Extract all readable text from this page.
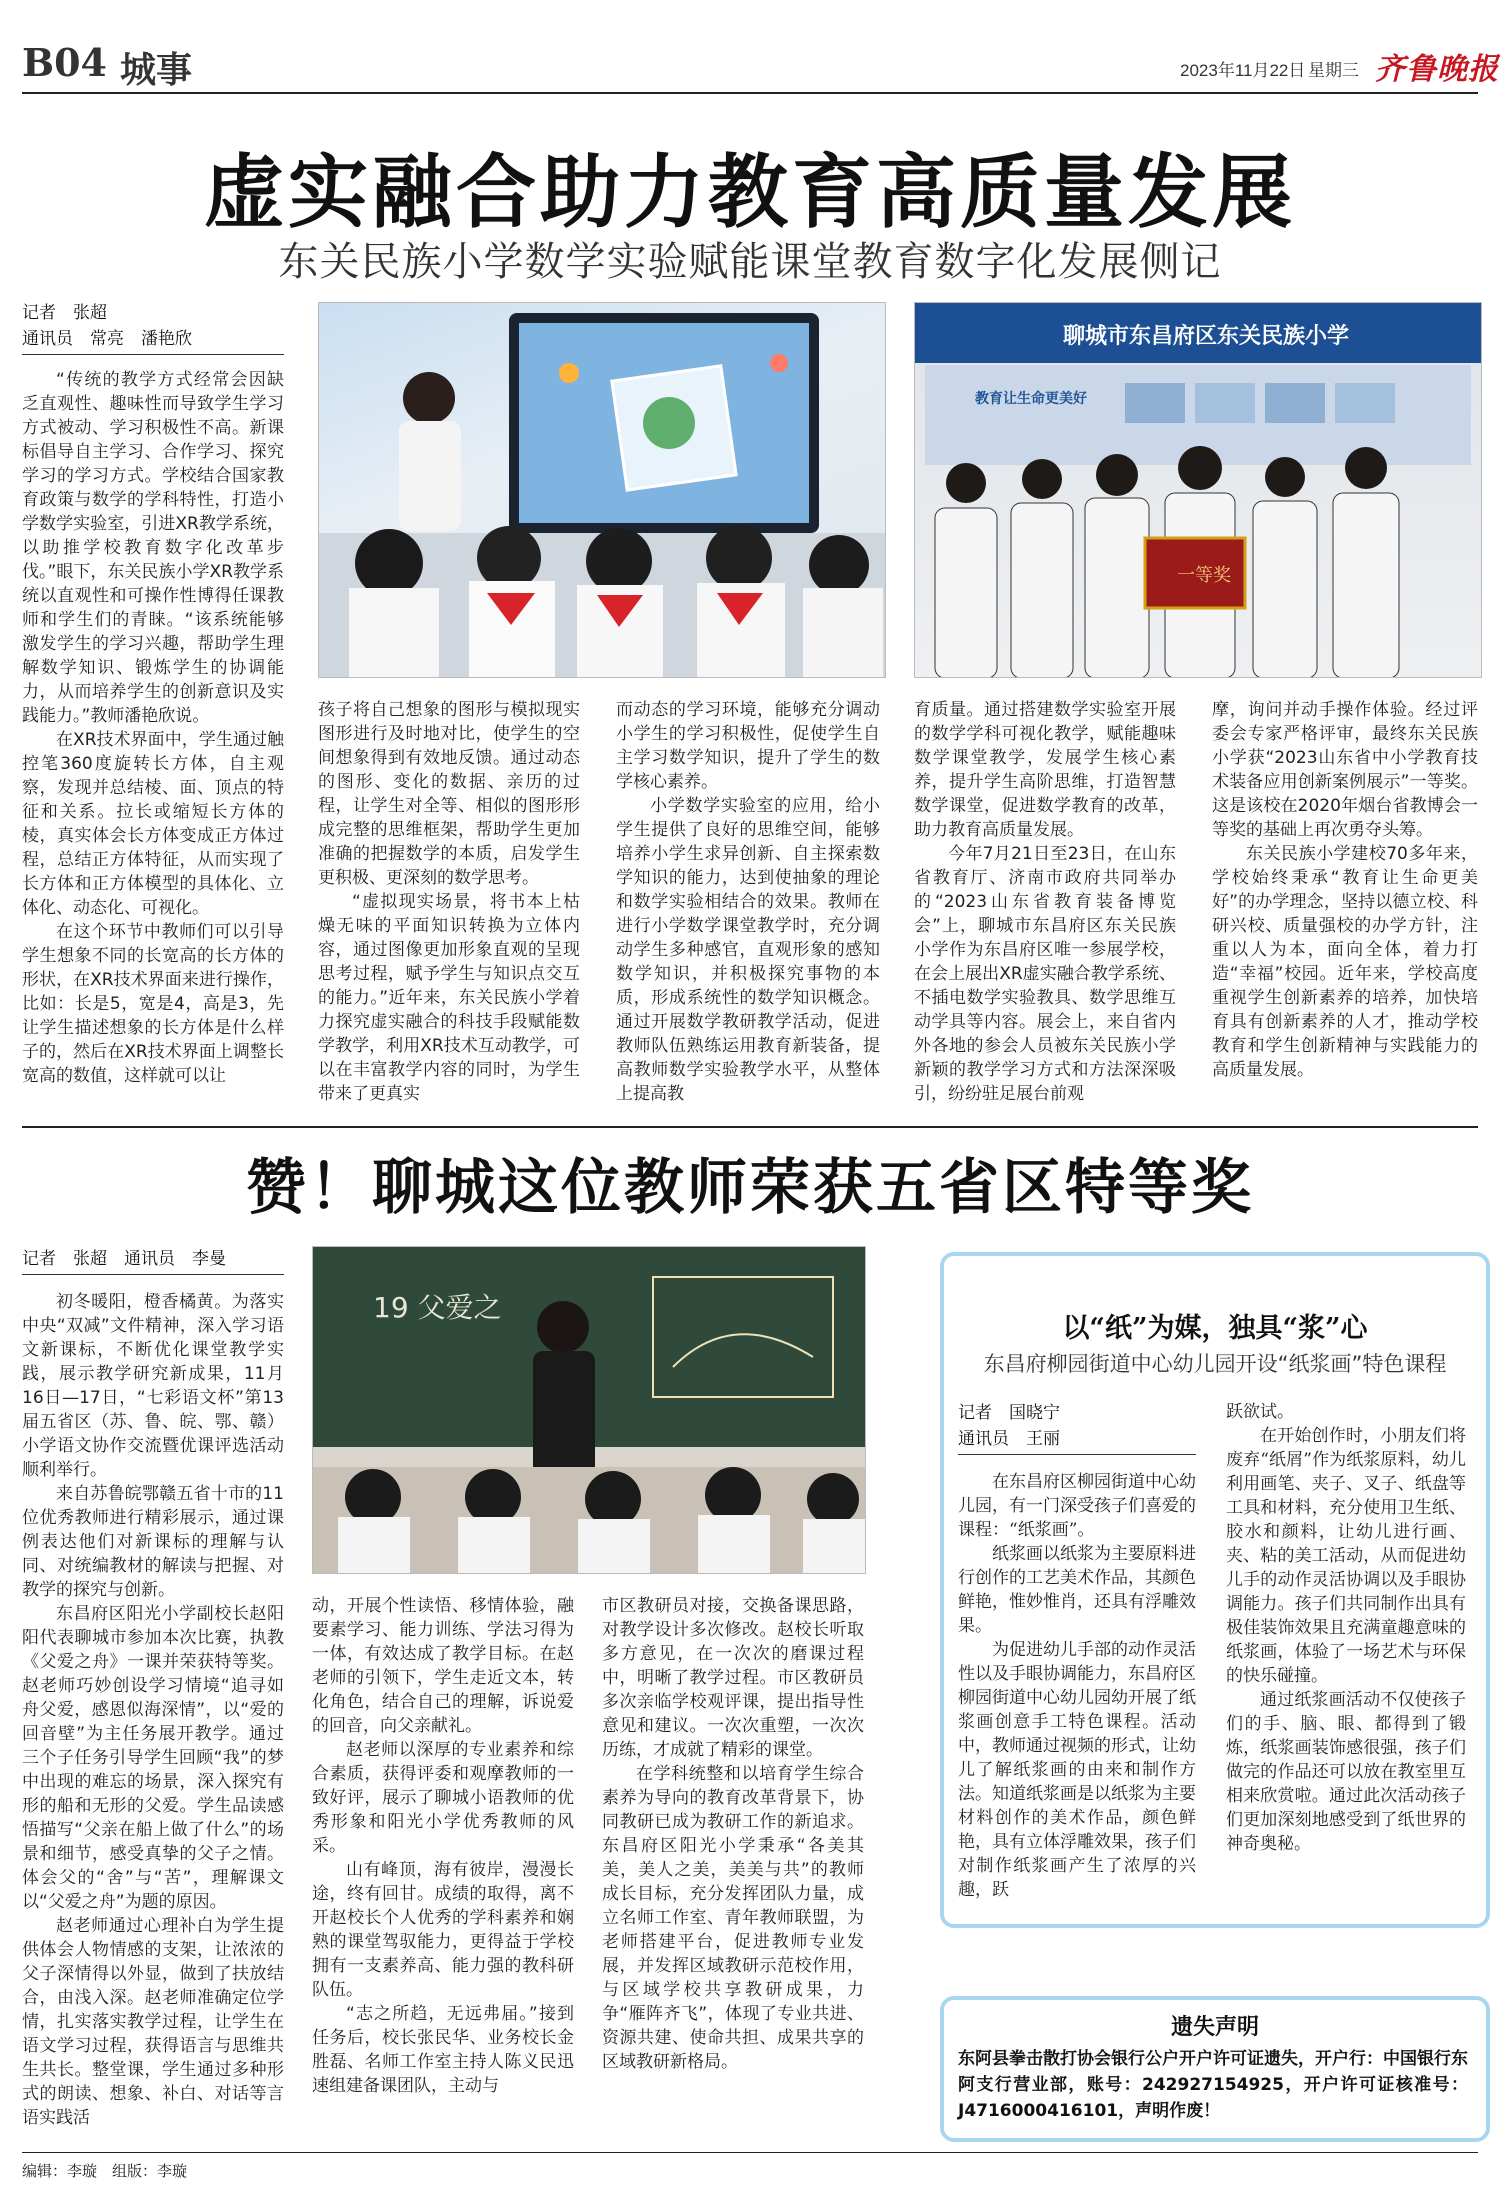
B04 城事	2023年11月22日 星期三 齐鲁晚报
虚实融合助力教育高质量发展
东关民族小学数学实验赋能课堂教育数字化发展侧记
记者　张超
通讯员　常亮　潘艳欣

“传统的教学方式经常会因缺乏直观性、趣味性而导致学生学习方式被动、学习积极性不高。新课标倡导自主学习、合作学习、探究学习的学习方式。学校结合国家教育政策与数学的学科特性，打造小学数学实验室，引进XR教学系统，以助推学校教育数字化改革步伐。”眼下，东关民族小学XR教学系统以直观性和可操作性博得任课教师和学生们的青睐。“该系统能够激发学生的学习兴趣，帮助学生理解数学知识、锻炼学生的协调能力，从而培养学生的创新意识及实践能力。”教师潘艳欣说。

在XR技术界面中，学生通过触控笔360度旋转长方体，自主观察，发现并总结棱、面、顶点的特征和关系。拉长或缩短长方体的棱，真实体会长方体变成正方体过程，总结正方体特征，从而实现了长方体和正方体模型的具体化、立体化、动态化、可视化。

在这个环节中教师们可以引导学生想象不同的长宽高的长方体的形状，在XR技术界面来进行操作，比如：长是5，宽是4，高是3，先让学生描述想象的长方体是什么样子的，然后在XR技术界面上调整长宽高的数值，这样就可以让

聊城市东昌府区东关民族小学
教育让生命更美好
一等奖

孩子将自己想象的图形与模拟现实图形进行及时地对比，使学生的空间想象得到有效地反馈。通过动态的图形、变化的数据、亲历的过程，让学生对全等、相似的图形形成完整的思维框架，帮助学生更加准确的把握数学的本质，启发学生更积极、更深刻的数学思考。

“虚拟现实场景，将书本上枯燥无味的平面知识转换为立体内容，通过图像更加形象直观的呈现思考过程，赋予学生与知识点交互的能力。”近年来，东关民族小学着力探究虚实融合的科技手段赋能数学教学，利用XR技术互动教学，可以在丰富教学内容的同时，为学生带来了更真实

而动态的学习环境，能够充分调动小学生的学习积极性，促使学生自主学习数学知识，提升了学生的数学核心素养。

小学数学实验室的应用，给小学生提供了良好的思维空间，能够培养小学生求异创新、自主探索数学知识的能力，达到使抽象的理论和数学实验相结合的效果。教师在进行小学数学课堂教学时，充分调动学生多种感官，直观形象的感知数学知识，并积极探究事物的本质，形成系统性的数学知识概念。通过开展数学教研教学活动，促进教师队伍熟练运用教育新装备，提高教师数学实验教学水平，从整体上提高教

育质量。通过搭建数学实验室开展的数学学科可视化教学，赋能趣味数学课堂教学，发展学生核心素养，提升学生高阶思维，打造智慧数学课堂，促进数学教育的改革，助力教育高质量发展。

今年7月21日至23日，在山东省教育厅、济南市政府共同举办的“2023山东省教育装备博览会”上，聊城市东昌府区东关民族小学作为东昌府区唯一参展学校，在会上展出XR虚实融合教学系统、不插电数学实验教具、数学思维互动学具等内容。展会上，来自省内外各地的参会人员被东关民族小学新颖的教学学习方式和方法深深吸引，纷纷驻足展台前观

摩，询问并动手操作体验。经过评委会专家严格评审，最终东关民族小学获“2023山东省中小学教育技术装备应用创新案例展示”一等奖。这是该校在2020年烟台省教博会一等奖的基础上再次勇夺头筹。

东关民族小学建校70多年来，学校始终秉承“教育让生命更美好”的办学理念，坚持以德立校、科研兴校、质量强校的办学方针，注重以人为本，面向全体，着力打造“幸福”校园。近年来，学校高度重视学生创新素养的培养，加快培育具有创新素养的人才，推动学校教育和学生创新精神与实践能力的高质量发展。

赞！聊城这位教师荣获五省区特等奖
记者　张超　通讯员　李曼

初冬暖阳，橙香橘黄。为落实中央“双减”文件精神，深入学习语文新课标，不断优化课堂教学实践，展示教学研究新成果，11月16日—17日，“七彩语文杯”第13届五省区（苏、鲁、皖、鄂、赣）小学语文协作交流暨优课评选活动顺利举行。

来自苏鲁皖鄂赣五省十市的11位优秀教师进行精彩展示，通过课例表达他们对新课标的理解与认同、对统编教材的解读与把握、对教学的探究与创新。

东昌府区阳光小学副校长赵阳阳代表聊城市参加本次比赛，执教《父爱之舟》一课并荣获特等奖。赵老师巧妙创设学习情境“追寻如舟父爱，感恩似海深情”，以“爱的回音壁”为主任务展开教学。通过三个子任务引导学生回顾“我”的梦中出现的难忘的场景，深入探究有形的船和无形的父爱。学生品读感悟描写“父亲在船上做了什么”的场景和细节，感受真挚的父子之情。体会父的“舍”与“苦”，理解课文以“父爱之舟”为题的原因。

赵老师通过心理补白为学生提供体会人物情感的支架，让浓浓的父子深情得以外显，做到了扶放结合，由浅入深。赵老师准确定位学情，扎实落实教学过程，让学生在语文学习过程，获得语言与思维共生共长。整堂课，学生通过多种形式的朗读、想象、补白、对话等言语实践活

19 父爱之

动，开展个性读悟、移情体验，融要素学习、能力训练、学法习得为一体，有效达成了教学目标。在赵老师的引领下，学生走近文本，转化角色，结合自己的理解，诉说爱的回音，向父亲献礼。

赵老师以深厚的专业素养和综合素质，获得评委和观摩教师的一致好评，展示了聊城小语教师的优秀形象和阳光小学优秀教师的风采。

山有峰顶，海有彼岸，漫漫长途，终有回甘。成绩的取得，离不开赵校长个人优秀的学科素养和娴熟的课堂驾驭能力，更得益于学校拥有一支素养高、能力强的教科研队伍。

“志之所趋，无远弗届。”接到任务后，校长张民华、业务校长金胜磊、名师工作室主持人陈义民迅速组建备课团队，主动与

市区教研员对接，交换备课思路，对教学设计多次修改。赵校长听取多方意见，在一次次的磨课过程中，明晰了教学过程。市区教研员多次亲临学校观评课，提出指导性意见和建议。一次次重塑，一次次历练，才成就了精彩的课堂。

在学科统整和以培育学生综合素养为导向的教育改革背景下，协同教研已成为教研工作的新追求。东昌府区阳光小学秉承“各美其美，美人之美，美美与共”的教师成长目标，充分发挥团队力量，成立名师工作室、青年教师联盟，为老师搭建平台，促进教师专业发展，并发挥区域教研示范校作用，与区域学校共享教研成果，力争“雁阵齐飞”，体现了专业共进、资源共建、使命共担、成果共享的区域教研新格局。

以“纸”为媒，独具“浆”心
东昌府柳园街道中心幼儿园开设“纸浆画”特色课程
记者　国晓宁
通讯员　王丽

在东昌府区柳园街道中心幼儿园，有一门深受孩子们喜爱的课程：“纸浆画”。

纸浆画以纸浆为主要原料进行创作的工艺美术作品，其颜色鲜艳，惟妙惟肖，还具有浮雕效果。

为促进幼儿手部的动作灵活性以及手眼协调能力，东昌府区柳园街道中心幼儿园幼开展了纸浆画创意手工特色课程。活动中，教师通过视频的形式，让幼儿了解纸浆画的由来和制作方法。知道纸浆画是以纸浆为主要材料创作的美术作品，颜色鲜艳，具有立体浮雕效果，孩子们对制作纸浆画产生了浓厚的兴趣，跃

跃欲试。

在开始创作时，小朋友们将废弃“纸屑”作为纸浆原料，幼儿利用画笔、夹子、叉子、纸盘等工具和材料，充分使用卫生纸、胶水和颜料，让幼儿进行画、夹、粘的美工活动，从而促进幼儿手的动作灵活协调以及手眼协调能力。孩子们共同制作出具有极佳装饰效果且充满童趣意味的纸浆画，体验了一场艺术与环保的快乐碰撞。

通过纸浆画活动不仅使孩子们的手、脑、眼、都得到了锻炼，纸浆画装饰感很强，孩子们做完的作品还可以放在教室里互相来欣赏啦。通过此次活动孩子们更加深刻地感受到了纸世界的神奇奥秘。

遗失声明
东阿县拳击散打协会银行公户开户许可证遗失，开户行：中国银行东阿支行营业部，账号：242927154925，开户许可证核准号：J4716000416101，声明作废！
编辑：李璇　组版：李璇
